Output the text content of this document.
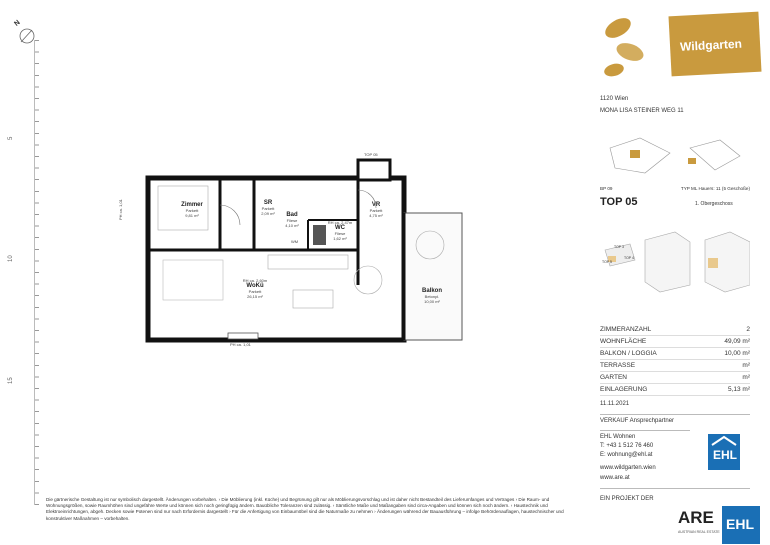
N
5
10
15
Zimmer
Parkett
9,81 m²
SR
Parkett
2,09 m²	Bad
Fliese
4,10 m²
RH ca. 2,47m
WC
Fliese
1,62 m²
VR
Parkett
4,75 m²
RH ca. 2,60m
WoKü
Parkett
26,15 m²
Balkon
Betonpl.
10,00 m²
WM
TOP 05
PH ca. 1,01
PH ca. 1,01
Wildgarten
1120 Wien
MONA LISA STEINER WEG 11
BP 09	TYP ML Hauers: 11 (5 Geschoße)
TOP 05	1. Obergeschoss
TOP 5
TOP 3
TOP 4
ZIMMERANZAHL	2
WOHNFLÄCHE	49,09 m²
BALKON / LOGGIA	10,00 m²
TERRASSE	m²
GARTEN	m²
EINLAGERUNG	5,13 m²
11.11.2021
VERKAUF Ansprechpartner
EHL Wohnen
T: +43 1 512 76 460
E: wohnung@ehl.at
www.wildgarten.wien
www.are.at
EHL
EIN PROJEKT DER
ARE
AUSTRIAN REAL ESTATE EHL
Die gärtnerische Gestaltung ist nur symbolisch dargestellt. Änderungen vorbehalten. › Die Möblierung (inkl. Küche) und Begrünung gilt nur als Möblierungsvorschlag und ist daher nicht Bestandteil des Lieferumfanges und Vertrages › Die Raum- und Wohnungsgrößen, sowie Raumhöhen sind ungefähre Werte und können sich noch geringfügig ändern. Bauübliche Toleranzen sind zulässig. › Sämtliche Maße und Maßangaben sind circa-Angaben und können sich noch ändern. › Haustechnik und Elektroeinrichtungen, abgeh. Decken sowie Potenen sind nur nach Erfordernis dargestellt › Für die Anfertigung von Einbaumöbel sind die Naturmaße zu nehmen › Änderungen während der Bauausführung – infolge Behördenauflagen, haustechnischer und konstruktiver Maßnahmen – vorbehalten.
